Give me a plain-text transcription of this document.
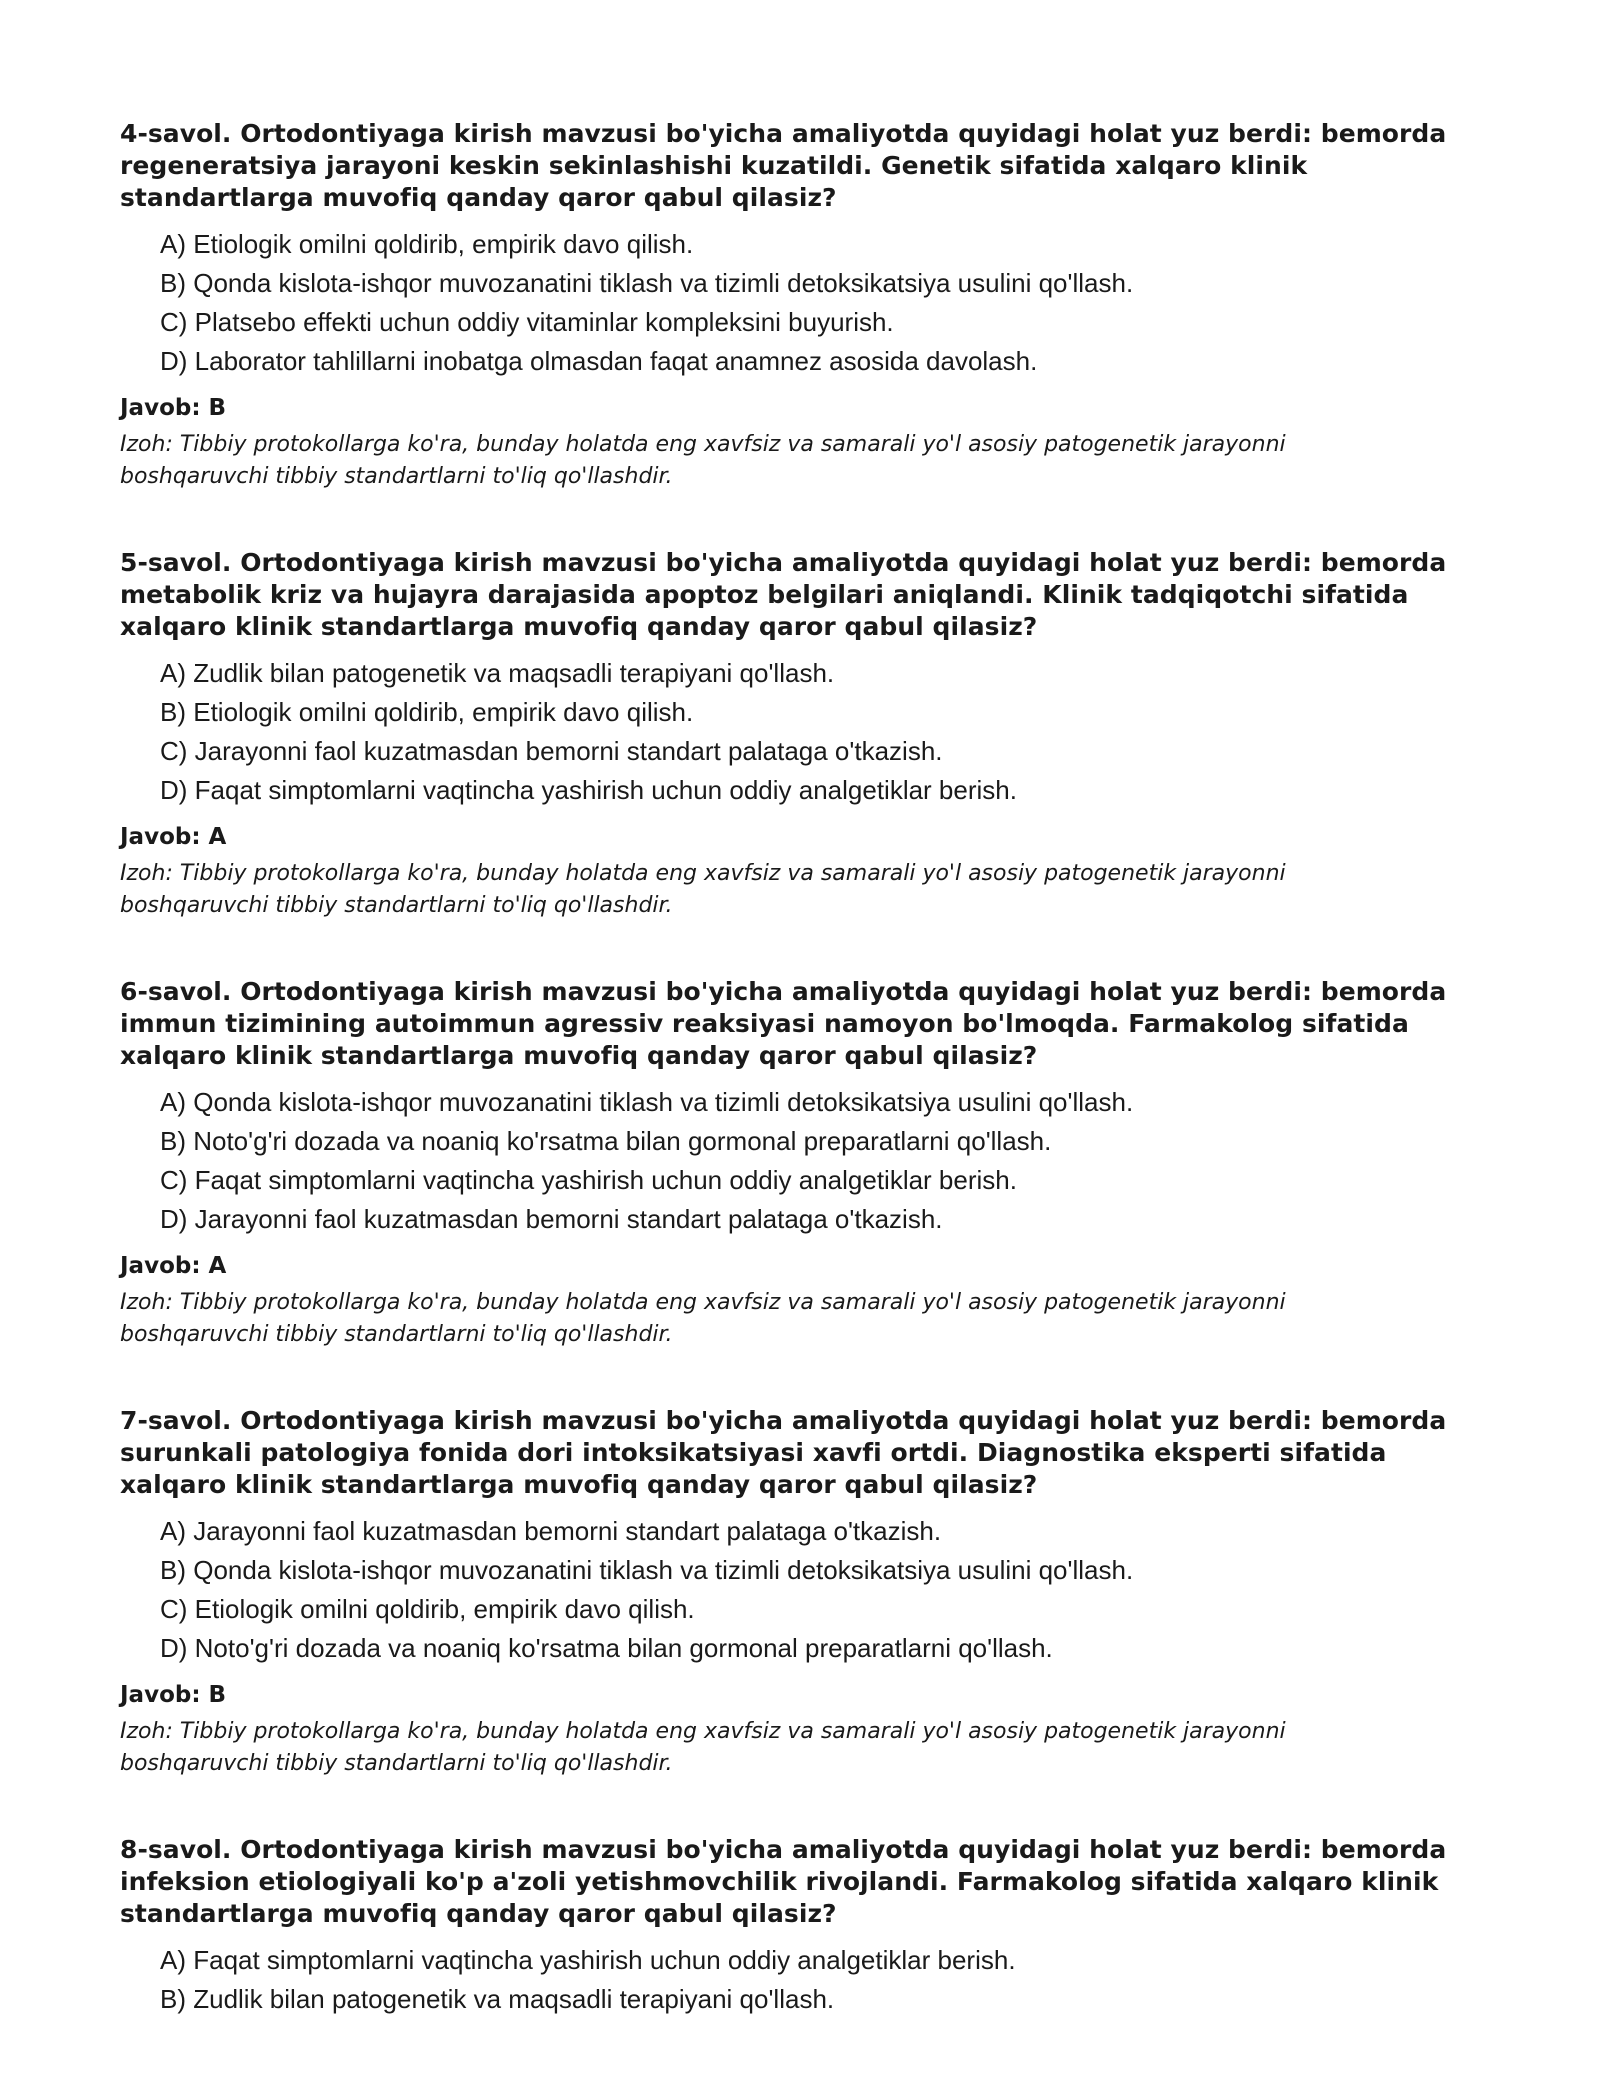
4-savol. Ortodontiyaga kirish mavzusi bo'yicha amaliyotda quyidagi holat yuz berdi: bemorda regeneratsiya jarayoni keskin sekinlashishi kuzatildi. Genetik sifatida xalqaro klinik standartlarga muvofiq qanday qaror qabul qilasiz?

A) Etiologik omilni qoldirib, empirik davo qilish.
B) Qonda kislota-ishqor muvozanatini tiklash va tizimli detoksikatsiya usulini qo'llash.
C) Platsebo effekti uchun oddiy vitaminlar kompleksini buyurish.
D) Laborator tahlillarni inobatga olmasdan faqat anamnez asosida davolash.

Javob: B

Izoh: Tibbiy protokollarga ko'ra, bunday holatda eng xavfsiz va samarali yo'l asosiy patogenetik jarayonni boshqaruvchi tibbiy standartlarni to'liq qo'llashdir.

5-savol. Ortodontiyaga kirish mavzusi bo'yicha amaliyotda quyidagi holat yuz berdi: bemorda metabolik kriz va hujayra darajasida apoptoz belgilari aniqlandi. Klinik tadqiqotchi sifatida xalqaro klinik standartlarga muvofiq qanday qaror qabul qilasiz?

A) Zudlik bilan patogenetik va maqsadli terapiyani qo'llash.
B) Etiologik omilni qoldirib, empirik davo qilish.
C) Jarayonni faol kuzatmasdan bemorni standart palataga o'tkazish.
D) Faqat simptomlarni vaqtincha yashirish uchun oddiy analgetiklar berish.

Javob: A

Izoh: Tibbiy protokollarga ko'ra, bunday holatda eng xavfsiz va samarali yo'l asosiy patogenetik jarayonni boshqaruvchi tibbiy standartlarni to'liq qo'llashdir.

6-savol. Ortodontiyaga kirish mavzusi bo'yicha amaliyotda quyidagi holat yuz berdi: bemorda immun tizimining autoimmun agressiv reaksiyasi namoyon bo'lmoqda. Farmakolog sifatida xalqaro klinik standartlarga muvofiq qanday qaror qabul qilasiz?

A) Qonda kislota-ishqor muvozanatini tiklash va tizimli detoksikatsiya usulini qo'llash.
B) Noto'g'ri dozada va noaniq ko'rsatma bilan gormonal preparatlarni qo'llash.
C) Faqat simptomlarni vaqtincha yashirish uchun oddiy analgetiklar berish.
D) Jarayonni faol kuzatmasdan bemorni standart palataga o'tkazish.

Javob: A

Izoh: Tibbiy protokollarga ko'ra, bunday holatda eng xavfsiz va samarali yo'l asosiy patogenetik jarayonni boshqaruvchi tibbiy standartlarni to'liq qo'llashdir.

7-savol. Ortodontiyaga kirish mavzusi bo'yicha amaliyotda quyidagi holat yuz berdi: bemorda surunkali patologiya fonida dori intoksikatsiyasi xavfi ortdi. Diagnostika eksperti sifatida xalqaro klinik standartlarga muvofiq qanday qaror qabul qilasiz?

A) Jarayonni faol kuzatmasdan bemorni standart palataga o'tkazish.
B) Qonda kislota-ishqor muvozanatini tiklash va tizimli detoksikatsiya usulini qo'llash.
C) Etiologik omilni qoldirib, empirik davo qilish.
D) Noto'g'ri dozada va noaniq ko'rsatma bilan gormonal preparatlarni qo'llash.

Javob: B

Izoh: Tibbiy protokollarga ko'ra, bunday holatda eng xavfsiz va samarali yo'l asosiy patogenetik jarayonni boshqaruvchi tibbiy standartlarni to'liq qo'llashdir.

8-savol. Ortodontiyaga kirish mavzusi bo'yicha amaliyotda quyidagi holat yuz berdi: bemorda infeksion etiologiyali ko'p a'zoli yetishmovchilik rivojlandi. Farmakolog sifatida xalqaro klinik standartlarga muvofiq qanday qaror qabul qilasiz?

A) Faqat simptomlarni vaqtincha yashirish uchun oddiy analgetiklar berish.
B) Zudlik bilan patogenetik va maqsadli terapiyani qo'llash.
